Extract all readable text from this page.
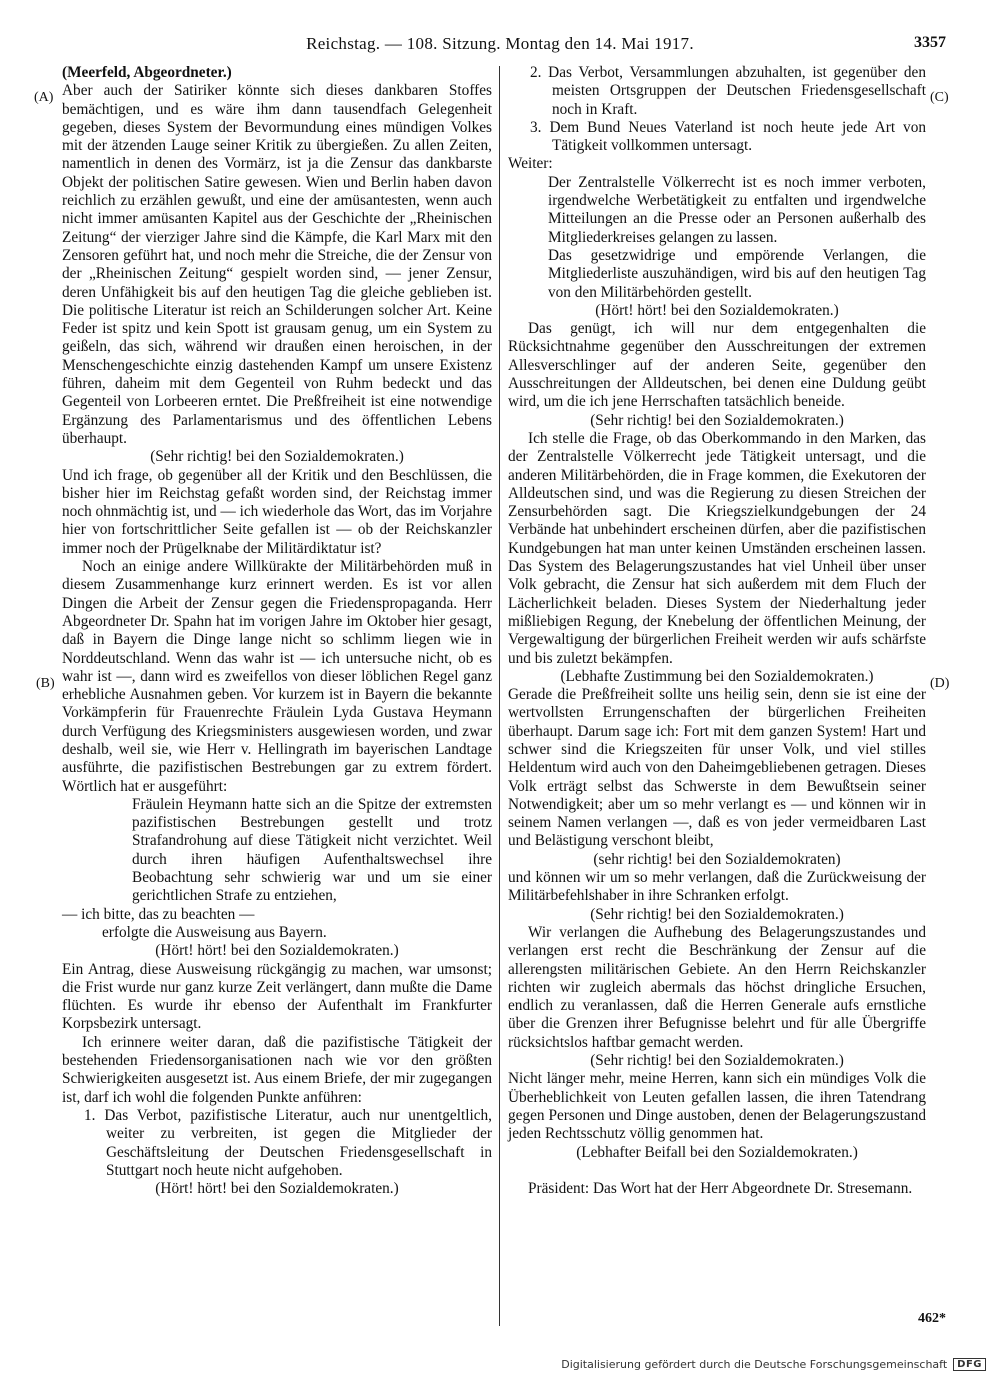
Reichstag. — 108. Sitzung. Montag den 14. Mai 1917.	3357

(Meerfeld, Abgeordneter.)

Aber auch der Satiriker könnte sich dieses dankbaren Stoffes bemächtigen, und es wäre ihm dann tausendfach Gelegenheit gegeben, dieses System der Bevormundung eines mündigen Volkes mit der ätzenden Lauge seiner Kritik zu übergießen. Zu allen Zeiten, namentlich in denen des Vormärz, ist ja die Zensur das dankbarste Objekt der politischen Satire gewesen. Wien und Berlin haben davon reichlich zu erzählen gewußt, und eine der amüsantesten, wenn auch nicht immer amüsanten Kapitel aus der Geschichte der „Rheinischen Zeitung“ der vierziger Jahre sind die Kämpfe, die Karl Marx mit den Zensoren geführt hat, und noch mehr die Streiche, die der Zensur von der „Rheinischen Zeitung“ gespielt worden sind, — jener Zensur, deren Unfähigkeit bis auf den heutigen Tag die gleiche geblieben ist. Die politische Literatur ist reich an Schilderungen solcher Art. Keine Feder ist spitz und kein Spott ist grausam genug, um ein System zu geißeln, das sich, während wir draußen einen heroischen, in der Menschengeschichte einzig dastehenden Kampf um unsere Existenz führen, daheim mit dem Gegenteil von Ruhm bedeckt und das Gegenteil von Lorbeeren erntet. Die Preßfreiheit ist eine notwendige Ergänzung des Parlamentarismus und des öffentlichen Lebens überhaupt.

(Sehr richtig! bei den Sozialdemokraten.)

Und ich frage, ob gegenüber all der Kritik und den Beschlüssen, die bisher hier im Reichstag gefaßt worden sind, der Reichstag immer noch ohnmächtig ist, und — ich wiederhole das Wort, das im Vorjahre hier von fortschrittlicher Seite gefallen ist — ob der Reichskanzler immer noch der Prügelknabe der Militärdiktatur ist?

Noch an einige andere Willkürakte der Militärbehörden muß in diesem Zusammenhange kurz erinnert werden. Es ist vor allen Dingen die Arbeit der Zensur gegen die Friedenspropaganda. Herr Abgeordneter Dr. Spahn hat im vorigen Jahre im Oktober hier gesagt, daß in Bayern die Dinge lange nicht so schlimm liegen wie in Norddeutschland. Wenn das wahr ist — ich untersuche nicht, ob es wahr ist —, dann wird es zweifellos von dieser löblichen Regel ganz erhebliche Ausnahmen geben. Vor kurzem ist in Bayern die bekannte Vorkämpferin für Frauenrechte Fräulein Lyda Gustava Heymann durch Verfügung des Kriegsministers ausgewiesen worden, und zwar deshalb, weil sie, wie Herr v. Hellingrath im bayerischen Landtage ausführte, die pazifistischen Bestrebungen gar zu extrem fördert. Wörtlich hat er ausgeführt:

Fräulein Heymann hatte sich an die Spitze der extremsten pazifistischen Bestrebungen gestellt und trotz Strafandrohung auf diese Tätigkeit nicht verzichtet. Weil durch ihren häufigen Aufenthaltswechsel ihre Beobachtung sehr schwierig war und um sie einer gerichtlichen Strafe zu entziehen,

— ich bitte, das zu beachten —

erfolgte die Ausweisung aus Bayern.

(Hört! hört! bei den Sozialdemokraten.)

Ein Antrag, diese Ausweisung rückgängig zu machen, war umsonst; die Frist wurde nur ganz kurze Zeit verlängert, dann mußte die Dame flüchten. Es wurde ihr ebenso der Aufenthalt im Frankfurter Korpsbezirk untersagt.

Ich erinnere weiter daran, daß die pazifistische Tätigkeit der bestehenden Friedensorganisationen nach wie vor den größten Schwierigkeiten ausgesetzt ist. Aus einem Briefe, der mir zugegangen ist, darf ich wohl die folgenden Punkte anführen:

1. Das Verbot, pazifistische Literatur, auch nur unentgeltlich, weiter zu verbreiten, ist gegen die Mitglieder der Geschäftsleitung der Deutschen Friedensgesellschaft in Stuttgart noch heute nicht aufgehoben.

(Hört! hört! bei den Sozialdemokraten.)

2. Das Verbot, Versammlungen abzuhalten, ist gegenüber den meisten Ortsgruppen der Deutschen Friedensgesellschaft noch in Kraft.

3. Dem Bund Neues Vaterland ist noch heute jede Art von Tätigkeit vollkommen untersagt.

Weiter:

Der Zentralstelle Völkerrecht ist es noch immer verboten, irgendwelche Werbetätigkeit zu entfalten und irgendwelche Mitteilungen an die Presse oder an Personen außerhalb des Mitgliederkreises gelangen zu lassen.

Das gesetzwidrige und empörende Verlangen, die Mitgliederliste auszuhändigen, wird bis auf den heutigen Tag von den Militärbehörden gestellt.

(Hört! hört! bei den Sozialdemokraten.)

Das genügt, ich will nur dem entgegenhalten die Rücksichtnahme gegenüber den Ausschreitungen der extremen Allesverschlinger auf der anderen Seite, gegenüber den Ausschreitungen der Alldeutschen, bei denen eine Duldung geübt wird, um die ich jene Herrschaften tatsächlich beneide.

(Sehr richtig! bei den Sozialdemokraten.)

Ich stelle die Frage, ob das Oberkommando in den Marken, das der Zentralstelle Völkerrecht jede Tätigkeit untersagt, und die anderen Militärbehörden, die in Frage kommen, die Exekutoren der Alldeutschen sind, und was die Regierung zu diesen Streichen der Zensurbehörden sagt. Die Kriegszielkundgebungen der 24 Verbände hat unbehindert erscheinen dürfen, aber die pazifistischen Kundgebungen hat man unter keinen Umständen erscheinen lassen. Das System des Belagerungszustandes hat viel Unheil über unser Volk gebracht, die Zensur hat sich außerdem mit dem Fluch der Lächerlichkeit beladen. Dieses System der Niederhaltung jeder mißliebigen Regung, der Knebelung der öffentlichen Meinung, der Vergewaltigung der bürgerlichen Freiheit werden wir aufs schärfste und bis zuletzt bekämpfen.

(Lebhafte Zustimmung bei den Sozialdemokraten.)

Gerade die Preßfreiheit sollte uns heilig sein, denn sie ist eine der wertvollsten Errungenschaften der bürgerlichen Freiheiten überhaupt. Darum sage ich: Fort mit dem ganzen System! Hart und schwer sind die Kriegszeiten für unser Volk, und viel stilles Heldentum wird auch von den Daheimgebliebenen getragen. Dieses Volk erträgt selbst das Schwerste in dem Bewußtsein seiner Notwendigkeit; aber um so mehr verlangt es — und können wir in seinem Namen verlangen —, daß es von jeder vermeidbaren Last und Belästigung verschont bleibt,

(sehr richtig! bei den Sozialdemokraten)

und können wir um so mehr verlangen, daß die Zurückweisung der Militärbefehlshaber in ihre Schranken erfolgt.

(Sehr richtig! bei den Sozialdemokraten.)

Wir verlangen die Aufhebung des Belagerungszustandes und verlangen erst recht die Beschränkung der Zensur auf die allerengsten militärischen Gebiete. An den Herrn Reichskanzler richten wir zugleich abermals das höchst dringliche Ersuchen, endlich zu veranlassen, daß die Herren Generale aufs ernstliche über die Grenzen ihrer Befugnisse belehrt und für alle Übergriffe rücksichtslos haftbar gemacht werden.

(Sehr richtig! bei den Sozialdemokraten.)

Nicht länger mehr, meine Herren, kann sich ein mündiges Volk die Überheblichkeit von Leuten gefallen lassen, die ihren Tatendrang gegen Personen und Dinge austoben, denen der Belagerungszustand jeden Rechtsschutz völlig genommen hat.

(Lebhafter Beifall bei den Sozialdemokraten.)

Präsident: Das Wort hat der Herr Abgeordnete Dr. Stresemann.

(A)
(B)
(C)
(D)
462*
Digitalisierung gefördert durch die Deutsche Forschungsgemeinschaft	DFG
